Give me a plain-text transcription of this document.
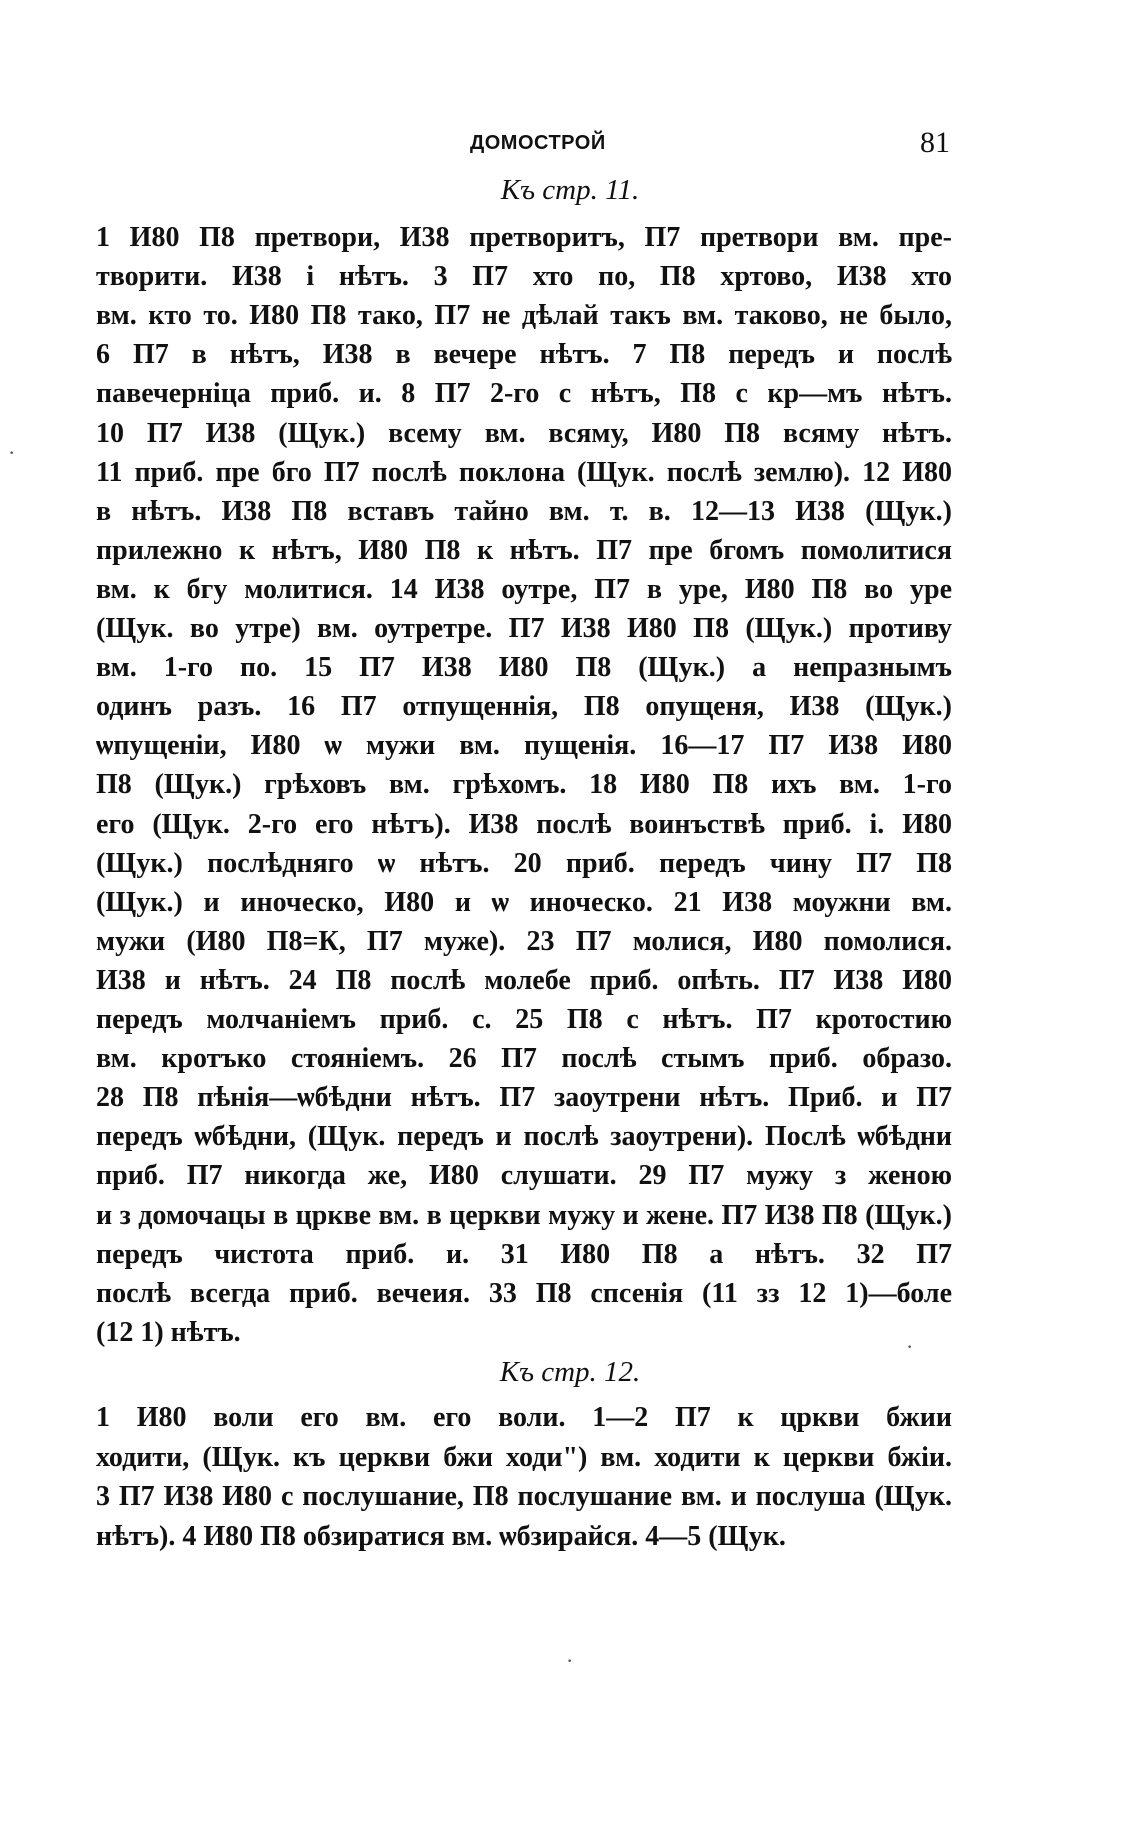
ДОМОСТРОЙ	81
Къ стр. 11.
1 И80 П8 претвори, И38 претворитъ, П7 претвори вм. пре-
творити. И38 і нѣтъ. 3 П7 хто по, П8 хртово, И38 хто
вм. кто то. И80 П8 тако, П7 не дѣлай такъ вм. таково, не было,
6 П7 в нѣтъ, И38 в вечере нѣтъ. 7 П8 передъ и послѣ
павечерніца приб. и. 8 П7 2-го с нѣтъ, П8 с кр—мъ нѣтъ.
10 П7 И38 (Щук.) всему вм. всяму, И80 П8 всяму нѣтъ.
11 приб. пре бго П7 послѣ поклона (Щук. послѣ землю). 12 И80
в нѣтъ. И38 П8 вставъ тайно вм. т. в. 12—13 И38 (Щук.)
прилежно к нѣтъ, И80 П8 к нѣтъ. П7 пре бгомъ помолитися
вм. к бгу молитися. 14 И38 оутре, П7 в уре, И80 П8 во уре
(Щук. во утре) вм. оутретре. П7 И38 И80 П8 (Щук.) противу
вм. 1-го по. 15 П7 И38 И80 П8 (Щук.) а непразнымъ
одинъ разъ. 16 П7 отпущеннія, П8 опущеня, И38 (Щук.)
ѡпущеніи, И80 ѡ мужи вм. пущенія. 16—17 П7 И38 И80
П8 (Щук.) грѣховъ вм. грѣхомъ. 18 И80 П8 ихъ вм. 1-го
его (Щук. 2-го его нѣтъ). И38 послѣ воинъствѣ приб. і. И80
(Щук.) послѣдняго ѡ нѣтъ. 20 приб. передъ чину П7 П8
(Щук.) и иноческо, И80 и ѡ иноческо. 21 И38 моужни вм.
мужи (И80 П8=К, П7 муже). 23 П7 молися, И80 помолися.
И38 и нѣтъ. 24 П8 послѣ молебе приб. опѣть. П7 И38 И80
передъ молчаніемъ приб. с. 25 П8 с нѣтъ. П7 кротостию
вм. кротъко стояніемъ. 26 П7 послѣ стымъ приб. образо.
28 П8 пѣнія—ѡбѣдни нѣтъ. П7 заоутрени нѣтъ. Приб. и П7
передъ ѡбѣдни, (Щук. передъ и послѣ заоутрени). Послѣ ѡбѣдни
приб. П7 никогда же, И80 слушати. 29 П7 мужу з женою
и з домочацы в цркве вм. в церкви мужу и жене. П7 И38 П8 (Щук.)
передъ чистота приб. и. 31 И80 П8 а нѣтъ. 32 П7
послѣ всегда приб. вечеия. 33 П8 спсенія (11 зз 12 1)—боле
(12 1) нѣтъ.
Къ стр. 12.
1 И80 воли его вм. его воли. 1—2 П7 к цркви бжии
ходити, (Щук. къ церкви бжи ходи") вм. ходити к церкви бжіи.
3 П7 И38 И80 с послушание, П8 послушание вм. и послуша (Щук.
нѣтъ). 4 И80 П8 обзиратися вм. ѡбзирайся. 4—5 (Щук.
·
·
·
